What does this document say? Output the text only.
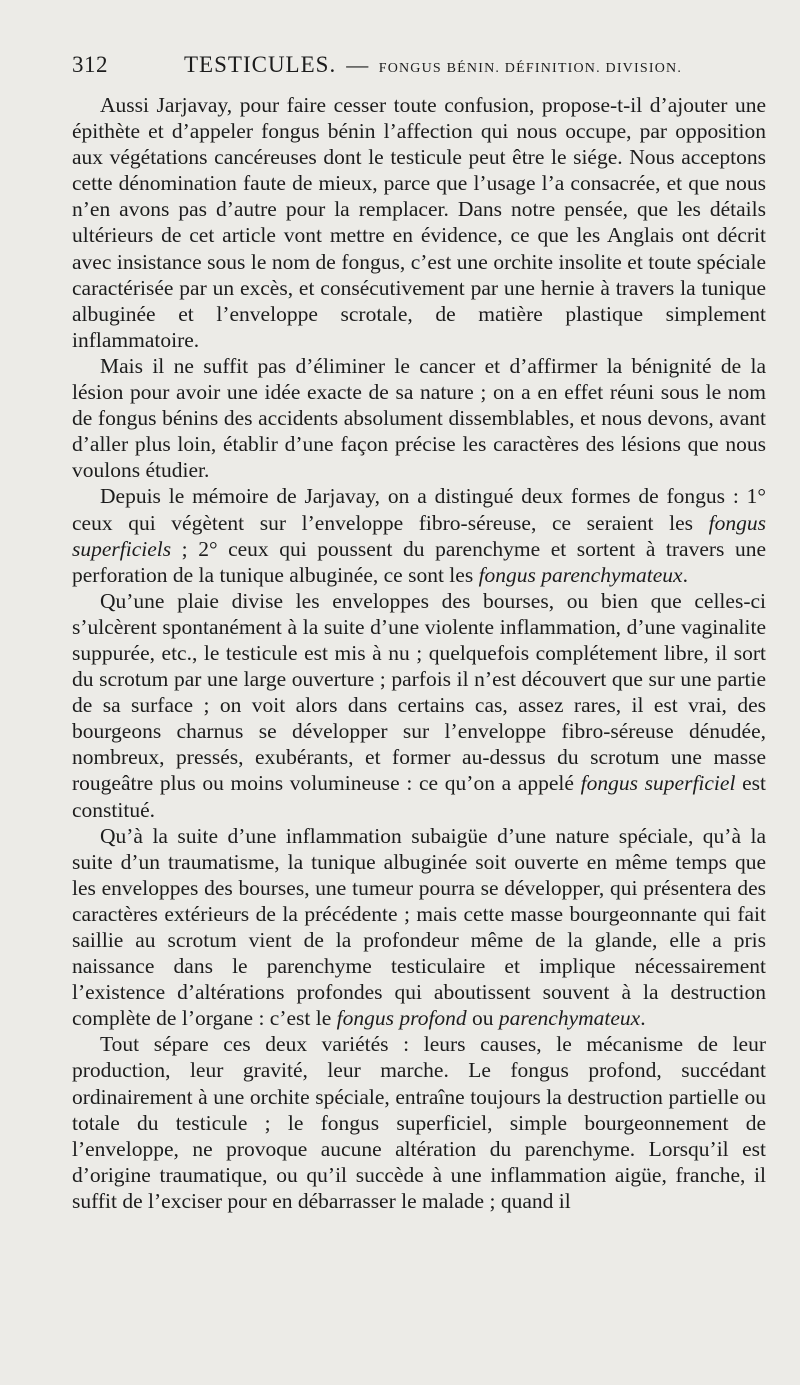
312	TESTICULES. — FONGUS BÉNIN. DÉFINITION. DIVISION.

Aussi Jarjavay, pour faire cesser toute confusion, propose-t-il d’ajouter une épithète et d’appeler fongus bénin l’affection qui nous occupe, par opposition aux végétations cancéreuses dont le testicule peut être le siége. Nous acceptons cette dénomination faute de mieux, parce que l’usage l’a consacrée, et que nous n’en avons pas d’autre pour la remplacer. Dans notre pensée, que les détails ultérieurs de cet article vont mettre en évidence, ce que les Anglais ont décrit avec insistance sous le nom de fongus, c’est une orchite insolite et toute spéciale caractérisée par un excès, et consécutivement par une hernie à travers la tunique albuginée et l’enveloppe scrotale, de matière plastique simplement inflammatoire.

Mais il ne suffit pas d’éliminer le cancer et d’affirmer la bénignité de la lésion pour avoir une idée exacte de sa nature ; on a en effet réuni sous le nom de fongus bénins des accidents absolument dissemblables, et nous devons, avant d’aller plus loin, établir d’une façon précise les caractères des lésions que nous voulons étudier.

Depuis le mémoire de Jarjavay, on a distingué deux formes de fongus : 1° ceux qui végètent sur l’enveloppe fibro-séreuse, ce seraient les fongus superficiels ; 2° ceux qui poussent du parenchyme et sortent à travers une perforation de la tunique albuginée, ce sont les fongus parenchymateux.

Qu’une plaie divise les enveloppes des bourses, ou bien que celles-ci s’ulcèrent spontanément à la suite d’une violente inflammation, d’une vaginalite suppurée, etc., le testicule est mis à nu ; quelquefois complétement libre, il sort du scrotum par une large ouverture ; parfois il n’est découvert que sur une partie de sa surface ; on voit alors dans certains cas, assez rares, il est vrai, des bourgeons charnus se développer sur l’enveloppe fibro-séreuse dénudée, nombreux, pressés, exubérants, et former au-dessus du scrotum une masse rougeâtre plus ou moins volumineuse : ce qu’on a appelé fongus superficiel est constitué.

Qu’à la suite d’une inflammation subaigüe d’une nature spéciale, qu’à la suite d’un traumatisme, la tunique albuginée soit ouverte en même temps que les enveloppes des bourses, une tumeur pourra se développer, qui présentera des caractères extérieurs de la précédente ; mais cette masse bourgeonnante qui fait saillie au scrotum vient de la profondeur même de la glande, elle a pris naissance dans le parenchyme testiculaire et implique nécessairement l’existence d’altérations profondes qui aboutissent souvent à la destruction complète de l’organe : c’est le fongus profond ou parenchymateux.

Tout sépare ces deux variétés : leurs causes, le mécanisme de leur production, leur gravité, leur marche. Le fongus profond, succédant ordinairement à une orchite spéciale, entraîne toujours la destruction partielle ou totale du testicule ; le fongus superficiel, simple bourgeonnement de l’enveloppe, ne provoque aucune altération du parenchyme. Lorsqu’il est d’origine traumatique, ou qu’il succède à une inflammation aigüe, franche, il suffit de l’exciser pour en débarrasser le malade ; quand il
